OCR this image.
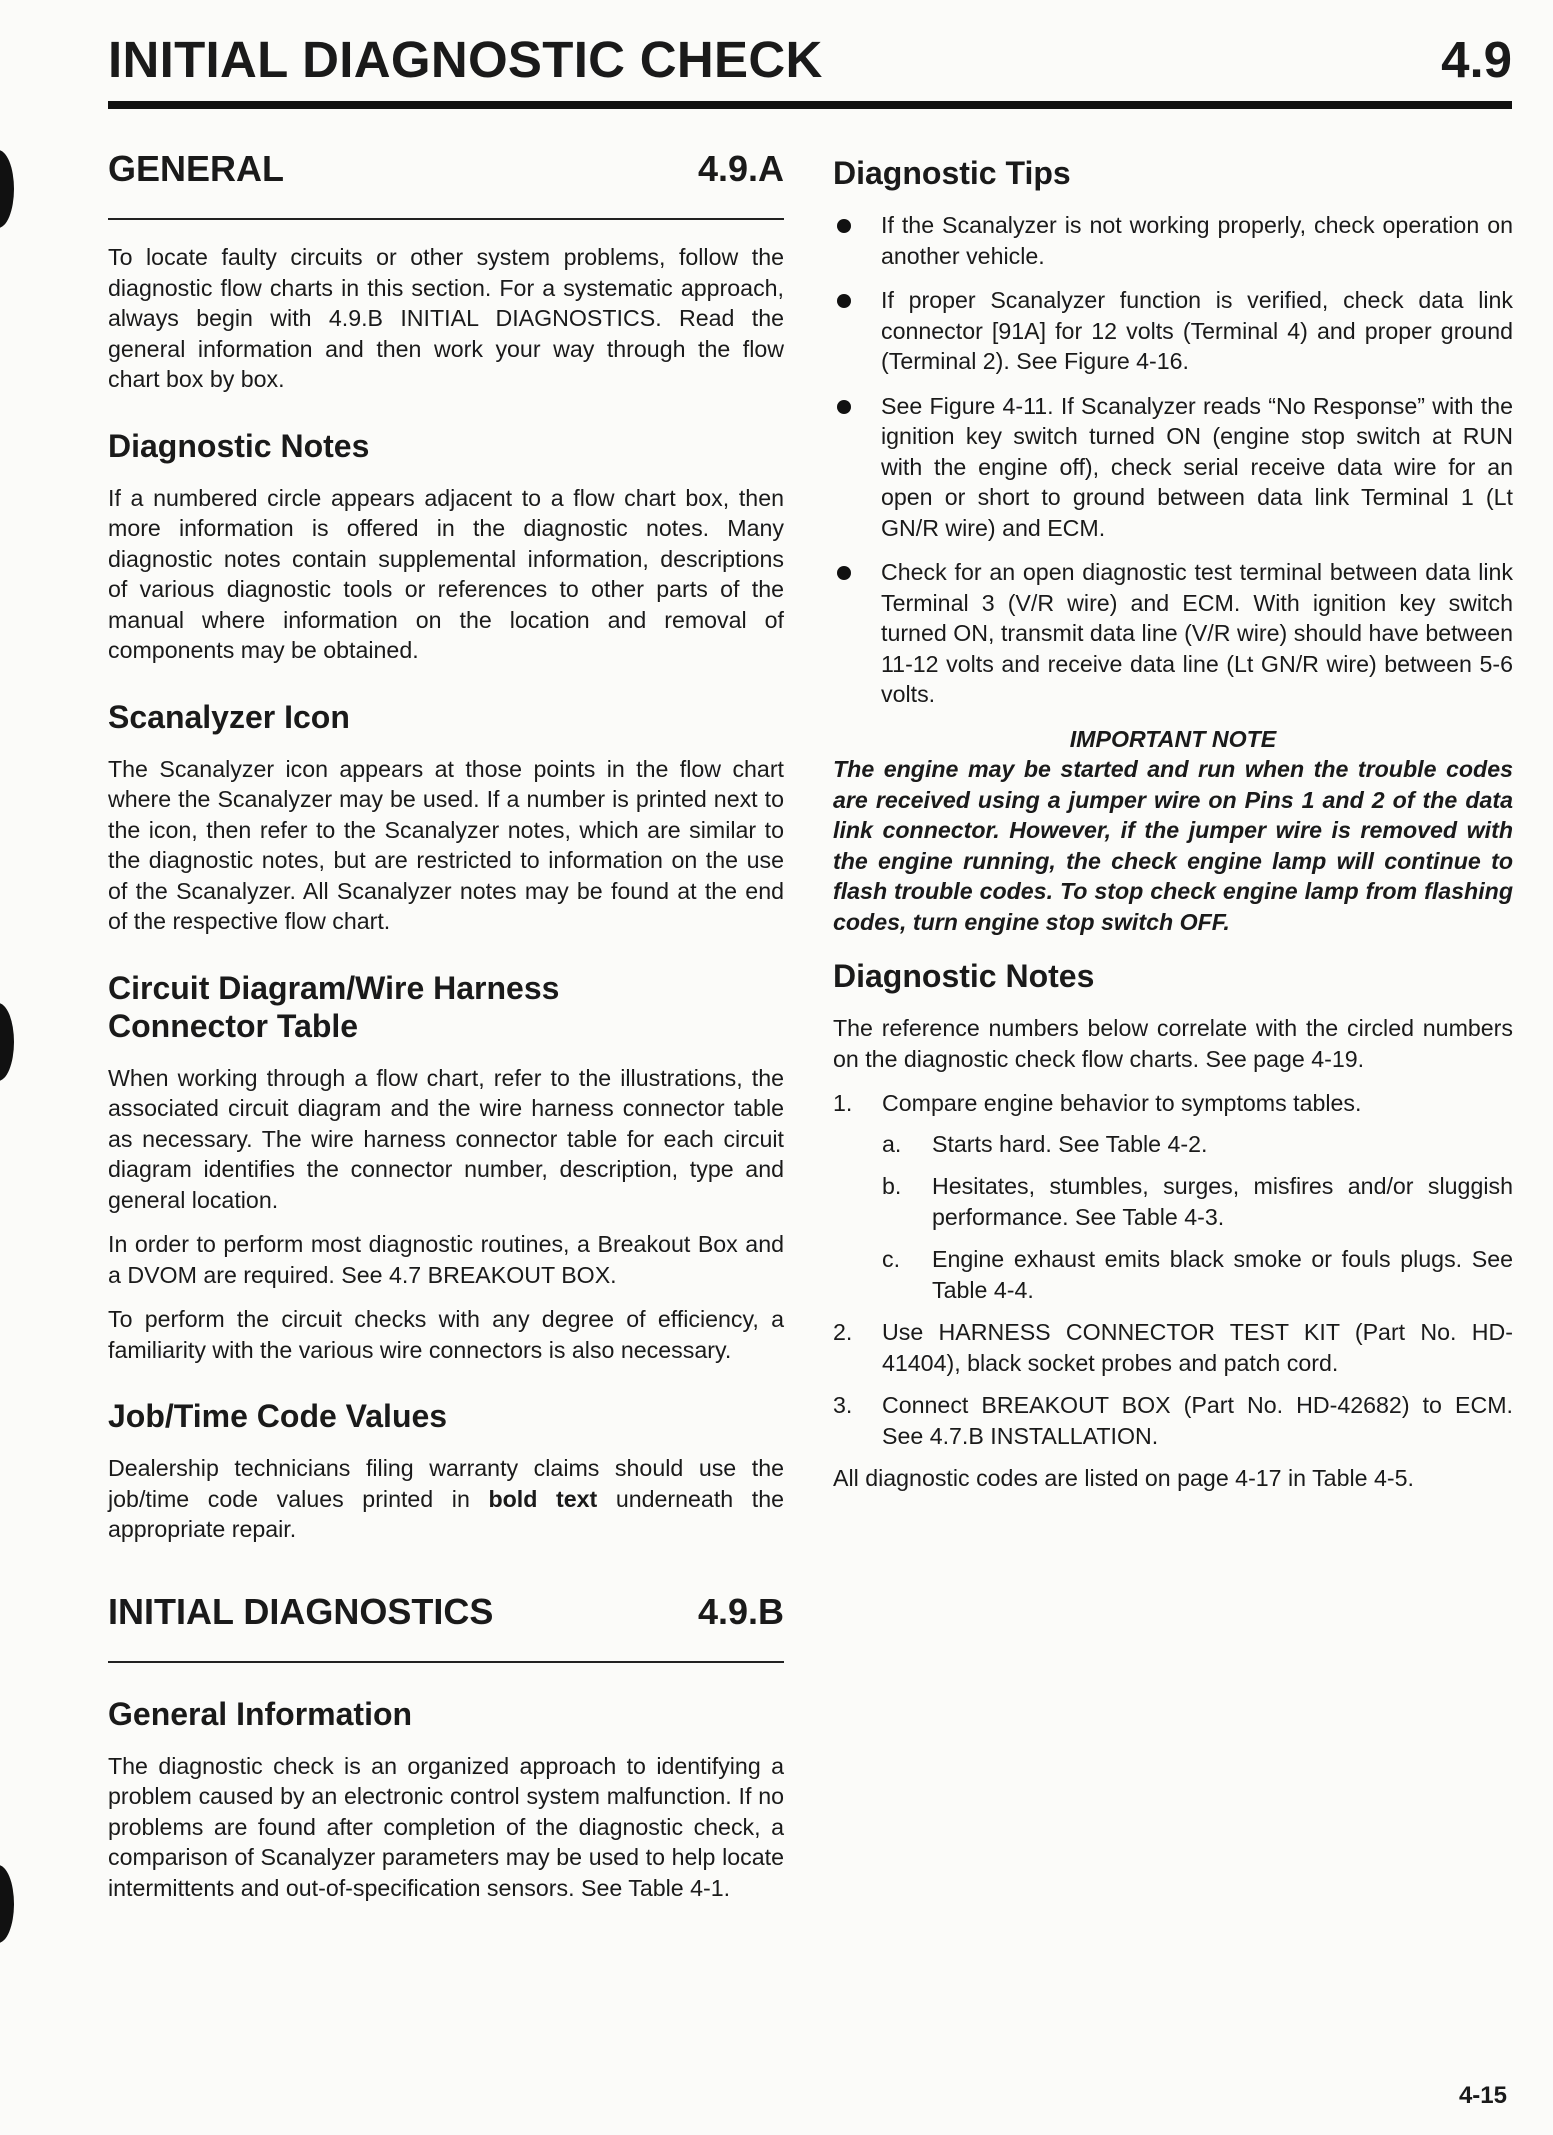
INITIAL DIAGNOSTIC CHECK	4.9
GENERAL	4.9.A

To locate faulty circuits or other system problems, follow the diagnostic flow charts in this section. For a systematic approach, always begin with 4.9.B INITIAL DIAGNOSTICS. Read the general information and then work your way through the flow chart box by box.

Diagnostic Notes

If a numbered circle appears adjacent to a flow chart box, then more information is offered in the diagnostic notes. Many diagnostic notes contain supplemental information, descriptions of various diagnostic tools or references to other parts of the manual where information on the location and removal of components may be obtained.

Scanalyzer Icon

The Scanalyzer icon appears at those points in the flow chart where the Scanalyzer may be used. If a number is printed next to the icon, then refer to the Scanalyzer notes, which are similar to the diagnostic notes, but are restricted to information on the use of the Scanalyzer. All Scanalyzer notes may be found at the end of the respective flow chart.

Circuit Diagram/Wire Harness
Connector Table

When working through a flow chart, refer to the illustrations, the associated circuit diagram and the wire harness connector table as necessary. The wire harness connector table for each circuit diagram identifies the connector number, description, type and general location.

In order to perform most diagnostic routines, a Breakout Box and a DVOM are required. See 4.7 BREAKOUT BOX.

To perform the circuit checks with any degree of efficiency, a familiarity with the various wire connectors is also necessary.

Job/Time Code Values

Dealership technicians filing warranty claims should use the job/time code values printed in bold text underneath the appropriate repair.

INITIAL DIAGNOSTICS	4.9.B
General Information

The diagnostic check is an organized approach to identifying a problem caused by an electronic control system malfunction. If no problems are found after completion of the diagnostic check, a comparison of Scanalyzer parameters may be used to help locate intermittents and out-of-specification sensors. See Table 4-1.

Diagnostic Tips
If the Scanalyzer is not working properly, check operation on another vehicle.
If proper Scanalyzer function is verified, check data link connector [91A] for 12 volts (Terminal 4) and proper ground (Terminal 2). See Figure 4-16.
See Figure 4-11. If Scanalyzer reads “No Response” with the ignition key switch turned ON (engine stop switch at RUN with the engine off), check serial receive data wire for an open or short to ground between data link Terminal 1 (Lt GN/R wire) and ECM.
Check for an open diagnostic test terminal between data link Terminal 3 (V/R wire) and ECM. With ignition key switch turned ON, transmit data line (V/R wire) should have between 11-12 volts and receive data line (Lt GN/R wire) between 5-6 volts.
IMPORTANT NOTE
The engine may be started and run when the trouble codes are received using a jumper wire on Pins 1 and 2 of the data link connector. However, if the jumper wire is removed with the engine running, the check engine lamp will continue to flash trouble codes. To stop check engine lamp from flashing codes, turn engine stop switch OFF.
Diagnostic Notes

The reference numbers below correlate with the circled numbers on the diagnostic check flow charts. See page 4-19.

1. Compare engine behavior to symptoms tables.
a. Starts hard. See Table 4-2.
b. Hesitates, stumbles, surges, misfires and/or sluggish performance. See Table 4-3.
c. Engine exhaust emits black smoke or fouls plugs. See Table 4-4.
2. Use HARNESS CONNECTOR TEST KIT (Part No. HD-41404), black socket probes and patch cord.
3. Connect BREAKOUT BOX (Part No. HD-42682) to ECM. See 4.7.B INSTALLATION.

All diagnostic codes are listed on page 4-17 in Table 4-5.

4-15
